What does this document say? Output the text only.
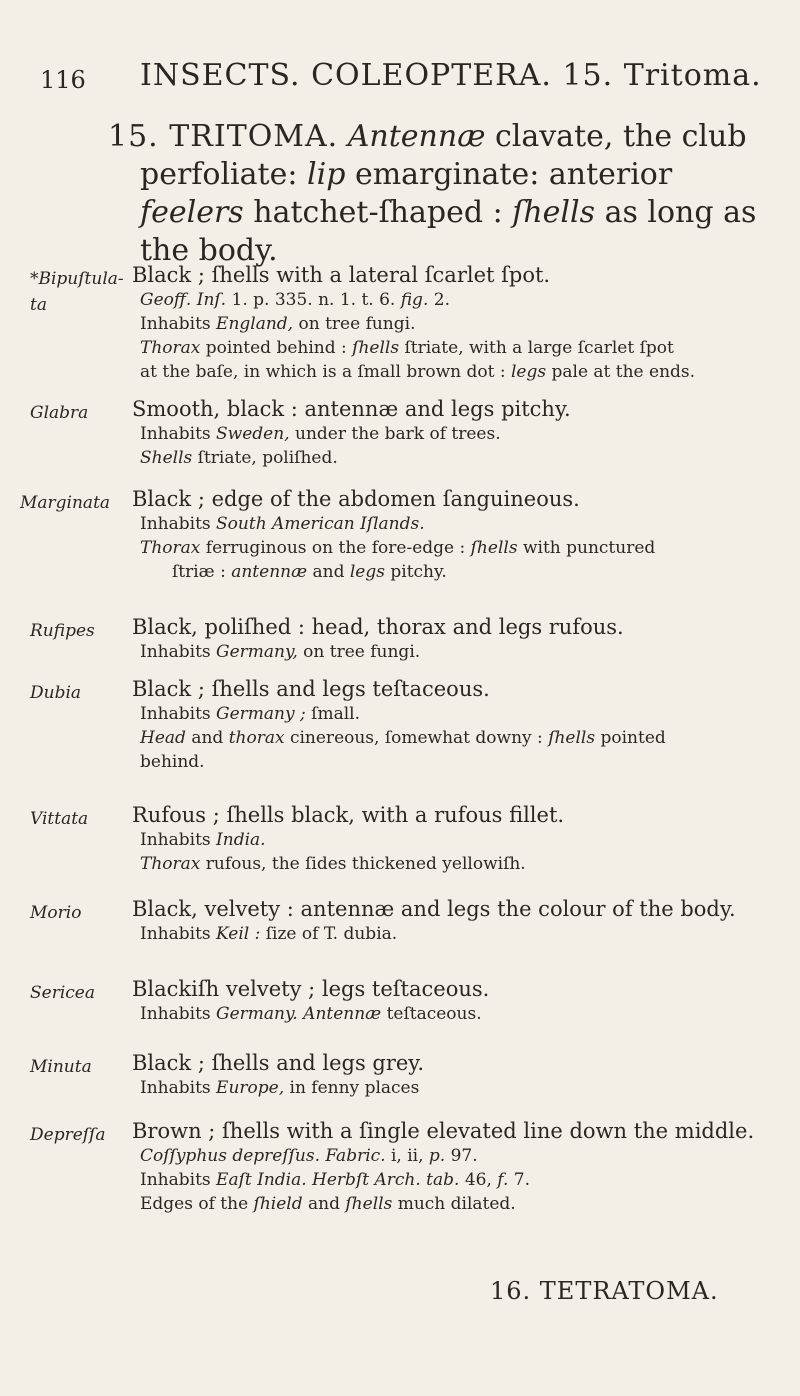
116 INSECTS. COLEOPTERA. 15. Tritoma.
15. TRITOMA. Antennæ clavate, the club
perfoliate: lip emarginate: anterior
feelers hatchet-ſhaped : ſhells as long as
the body.
*Bipuſtula-
ta
Black ; ſhells with a lateral ſcarlet ſpot.
Geoff. Inſ. 1. p. 335. n. 1. t. 6. fig. 2.
Inhabits England, on tree fungi.
Thorax pointed behind : ſhells ſtriate, with a large ſcarlet ſpot
at the baſe, in which is a ſmall brown dot : legs pale at the ends.
Glabra Smooth, black : antennæ and legs pitchy.
Inhabits Sweden, under the bark of trees.
Shells ſtriate, poliſhed.
Marginata Black ; edge of the abdomen ſanguineous.
Inhabits South American Iſlands.
Thorax ferruginous on the fore-edge : ſhells with punctured
ſtriæ : antennæ and legs pitchy.
Rufipes Black, poliſhed : head, thorax and legs rufous.
Inhabits Germany, on tree fungi.
Dubia Black ; ſhells and legs teſtaceous.
Inhabits Germany ; ſmall.
Head and thorax cinereous, ſomewhat downy : ſhells pointed
behind.
Vittata Rufous ; ſhells black, with a rufous fillet.
Inhabits India.
Thorax rufous, the ſides thickened yellowiſh.
Morio Black, velvety : antennæ and legs the colour of the body.
Inhabits Keil : ſize of T. dubia.
Sericea Blackiſh velvety ; legs teſtaceous.
Inhabits Germany. Antennæ teſtaceous.
Minuta Black ; ſhells and legs grey.
Inhabits Europe, in fenny places
Depreſſa Brown ; ſhells with a ſingle elevated line down the middle.
Coſſyphus depreſſus. Fabric. i, ii, p. 97.
Inhabits Eaſt India. Herbſt Arch. tab. 46, f. 7.
Edges of the ſhield and ſhells much dilated.
16. TETRATOMA.
